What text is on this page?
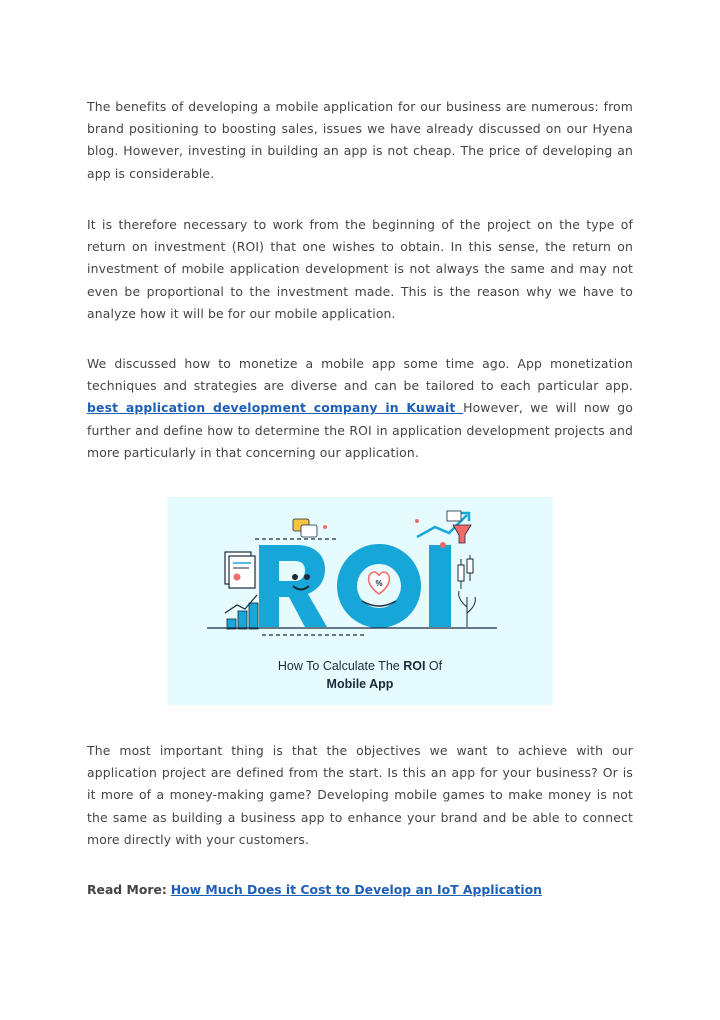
The benefits of developing a mobile application for our business are numerous: from brand positioning to boosting sales, issues we have already discussed on our Hyena blog. However, investing in building an app is not cheap. The price of developing an app is considerable.

It is therefore necessary to work from the beginning of the project on the type of return on investment (ROI) that one wishes to obtain. In this sense, the return on investment of mobile application development is not always the same and may not even be proportional to the investment made. This is the reason why we have to analyze how it will be for our mobile application.

We discussed how to monetize a mobile app some time ago. App monetization techniques and strategies are diverse and can be tailored to each particular app. best application development company in Kuwait However, we will now go further and define how to determine the ROI in application development projects and more particularly in that concerning our application.

%
How To Calculate The ROI Of
Mobile App

The most important thing is that the objectives we want to achieve with our application project are defined from the start. Is this an app for your business? Or is it more of a money-making game? Developing mobile games to make money is not the same as building a business app to enhance your brand and be able to connect more directly with your customers.

Read More: How Much Does it Cost to Develop an IoT Application
